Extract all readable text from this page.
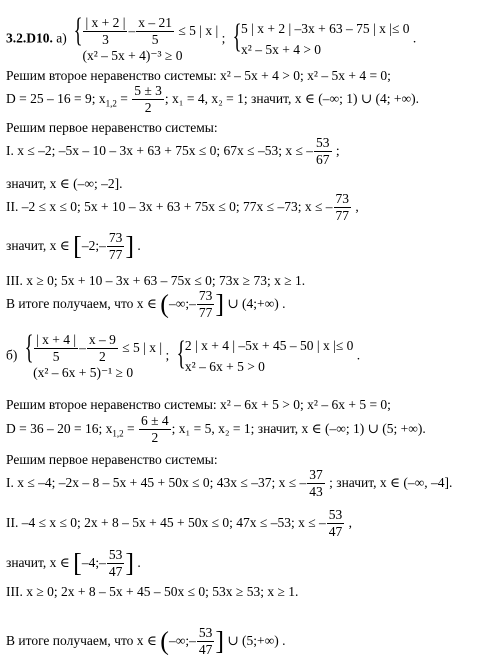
3.2.D10. а) { $\frac{| x + 2 |}{3} - \frac{x - 21}{5} \le 5$ | x |
(x² – 5x + 4)⁻³ ≥ 0
; { 5 | x + 2 | –3x + 63 – 75 | x |≤ 0
x² – 5x + 4 > 0
.
Решим второе неравенство системы: x² – 5x + 4 > 0; x² – 5x + 4 = 0;
D = 25 – 16 = 9; $x_{1,2} = \frac{5 \pm 3}{2}$ ; x₁ = 4, x₂ = 1; значит, x ∈ (–∞; 1) ∪ (4; +∞).
Решим первое неравенство системы:
I. x ≤ –2; –5x – 10 – 3x + 63 + 75x ≤ 0; 67x ≤ –53; x ≤ – $\frac{53}{67}$ ;
значит, x ∈ (–∞; –2].
II. –2 ≤ x ≤ 0; 5x + 10 – 3x + 63 + 75x ≤ 0; 77x ≤ –73; x ≤ – $\frac{73}{77}$ ,
значит, x ∈ [–2;– $\frac{73}{77}$ ] .
III. x ≥ 0; 5x + 10 – 3x + 63 – 75x ≤ 0; 73x ≥ 73; x ≥ 1.
В итоге получаем, что x ∈ (–∞;– $\frac{73}{77}$ ] ∪ (4;+∞) .
б) { $\frac{| x + 4 |}{5} - \frac{x - 9}{2} \le 5$ | x |
(x² – 6x + 5)⁻¹ ≥ 0
; { 2 | x + 4 | –5x + 45 – 50 | x |≤ 0
x² – 6x + 5 > 0
.
Решим второе неравенство системы: x² – 6x + 5 > 0; x² – 6x + 5 = 0;
D = 36 – 20 = 16; $x_{1,2} = \frac{6 \pm 4}{2}$ ; x₁ = 5, x₂ = 1; значит, x ∈ (–∞; 1) ∪ (5; +∞).
Решим первое неравенство системы:
I. x ≤ –4; –2x – 8 – 5x + 45 + 50x ≤ 0; 43x ≤ –37; x ≤ – $\frac{37}{43}$ ; значит, x ∈ (–∞, –4].
II. –4 ≤ x ≤ 0; 2x + 8 – 5x + 45 + 50x ≤ 0; 47x ≤ –53; x ≤ – $\frac{53}{47}$ ,
значит, x ∈ [–4;– $\frac{53}{47}$ ] .
III. x ≥ 0; 2x + 8 – 5x + 45 – 50x ≤ 0; 53x ≥ 53; x ≥ 1.
В итоге получаем, что x ∈ (–∞;– $\frac{53}{47}$ ] ∪ (5;+∞) .
